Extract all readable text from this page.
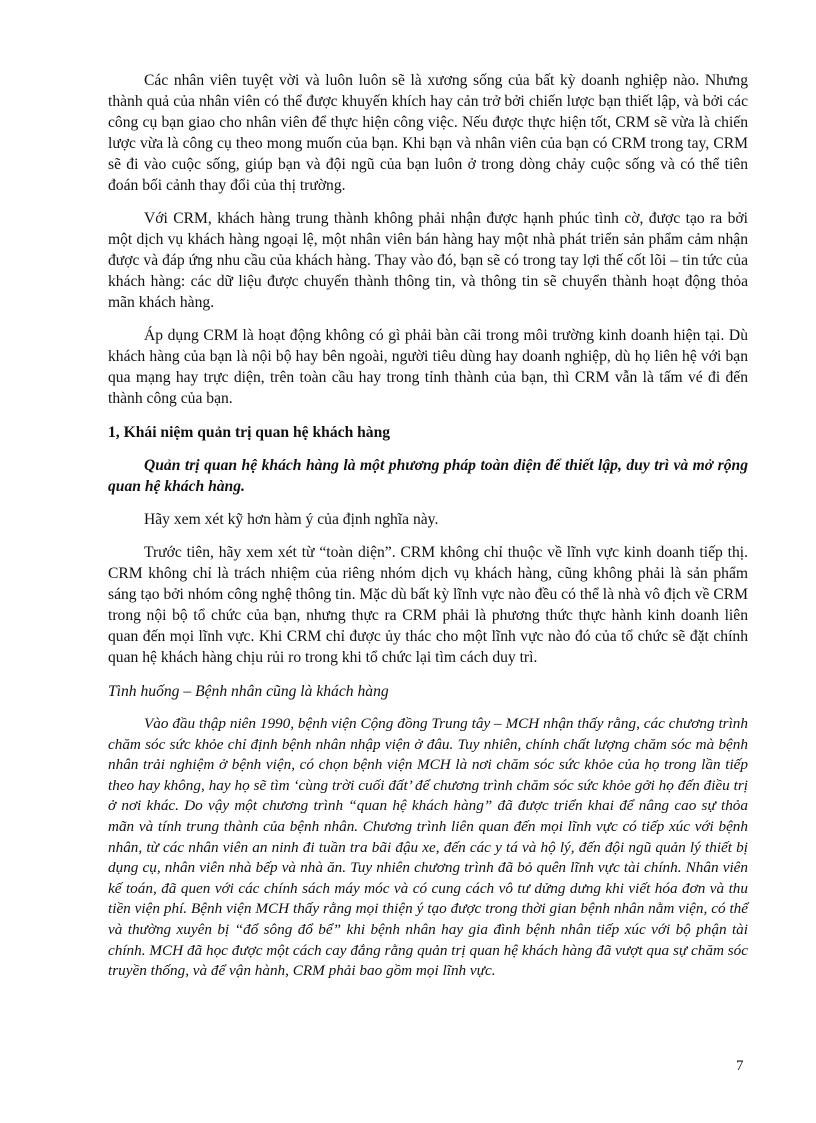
Các nhân viên tuyệt vời và luôn luôn sẽ là xương sống của bất kỳ doanh nghiệp nào. Nhưng thành quả của nhân viên có thể được khuyến khích hay cản trở bởi chiến lược bạn thiết lập, và bởi các công cụ bạn giao cho nhân viên để thực hiện công việc. Nếu được thực hiện tốt, CRM sẽ vừa là chiến lược vừa là công cụ theo mong muốn của bạn. Khi bạn và nhân viên của bạn có CRM trong tay, CRM sẽ đi vào cuộc sống, giúp bạn và đội ngũ của bạn luôn ở trong dòng chảy cuộc sống và có thể tiên đoán bối cảnh thay đổi của thị trường.

Với CRM, khách hàng trung thành không phải nhận được hạnh phúc tình cờ, được tạo ra bởi một dịch vụ khách hàng ngoại lệ, một nhân viên bán hàng hay một nhà phát triển sản phẩm cảm nhận được và đáp ứng nhu cầu của khách hàng. Thay vào đó, bạn sẽ có trong tay lợi thế cốt lõi – tin tức của khách hàng: các dữ liệu được chuyển thành thông tin, và thông tin sẽ chuyển thành hoạt động thỏa mãn khách hàng.

Áp dụng CRM là hoạt động không có gì phải bàn cãi trong môi trường kinh doanh hiện tại. Dù khách hàng của bạn là nội bộ hay bên ngoài, người tiêu dùng hay doanh nghiệp, dù họ liên hệ với bạn qua mạng hay trực diện, trên toàn cầu hay trong tỉnh thành của bạn, thì CRM vẫn là tấm vé đi đến thành công của bạn.

1, Khái niệm quản trị quan hệ khách hàng

Quản trị quan hệ khách hàng là một phương pháp toàn diện để thiết lập, duy trì và mở rộng quan hệ khách hàng.

Hãy xem xét kỹ hơn hàm ý của định nghĩa này.

Trước tiên, hãy xem xét từ “toàn diện”. CRM không chỉ thuộc về lĩnh vực kinh doanh tiếp thị. CRM không chỉ là trách nhiệm của riêng nhóm dịch vụ khách hàng, cũng không phải là sản phẩm sáng tạo bởi nhóm công nghệ thông tin. Mặc dù bất kỳ lĩnh vực nào đều có thể là nhà vô địch về CRM trong nội bộ tổ chức của bạn, nhưng thực ra CRM phải là phương thức thực hành kinh doanh liên quan đến mọi lĩnh vực. Khi CRM chỉ được ủy thác cho một lĩnh vực nào đó của tổ chức sẽ đặt chính quan hệ khách hàng chịu rủi ro trong khi tổ chức lại tìm cách duy trì.

Tình huống – Bệnh nhân cũng là khách hàng

Vào đầu thập niên 1990, bệnh viện Cộng đồng Trung tây – MCH nhận thấy rằng, các chương trình chăm sóc sức khỏe chỉ định bệnh nhân nhập viện ở đâu. Tuy nhiên, chính chất lượng chăm sóc mà bệnh nhân trải nghiệm ở bệnh viện, có chọn bệnh viện MCH là nơi chăm sóc sức khỏe của họ trong lần tiếp theo hay không, hay họ sẽ tìm ‘cùng trời cuối đất’ để chương trình chăm sóc sức khỏe gởi họ đến điều trị ở nơi khác. Do vậy một chương trình “quan hệ khách hàng” đã được triển khai để nâng cao sự thỏa mãn và tính trung thành của bệnh nhân. Chương trình liên quan đến mọi lĩnh vực có tiếp xúc với bệnh nhân, từ các nhân viên an ninh đi tuần tra bãi đậu xe, đến các y tá và hộ lý, đến đội ngũ quản lý thiết bị dụng cụ, nhân viên nhà bếp và nhà ăn. Tuy nhiên chương trình đã bỏ quên lĩnh vực tài chính. Nhân viên kế toán, đã quen với các chính sách máy móc và có cung cách vô tư dửng dưng khi viết hóa đơn và thu tiền viện phí. Bệnh viện MCH thấy rằng mọi thiện ý tạo được trong thời gian bệnh nhân nằm viện, có thể và thường xuyên bị “đổ sông đổ bể” khi bệnh nhân hay gia đình bệnh nhân tiếp xúc với bộ phận tài chính. MCH đã học được một cách cay đắng rằng quản trị quan hệ khách hàng đã vượt qua sự chăm sóc truyền thống, và để vận hành, CRM phải bao gồm mọi lĩnh vực.

7
